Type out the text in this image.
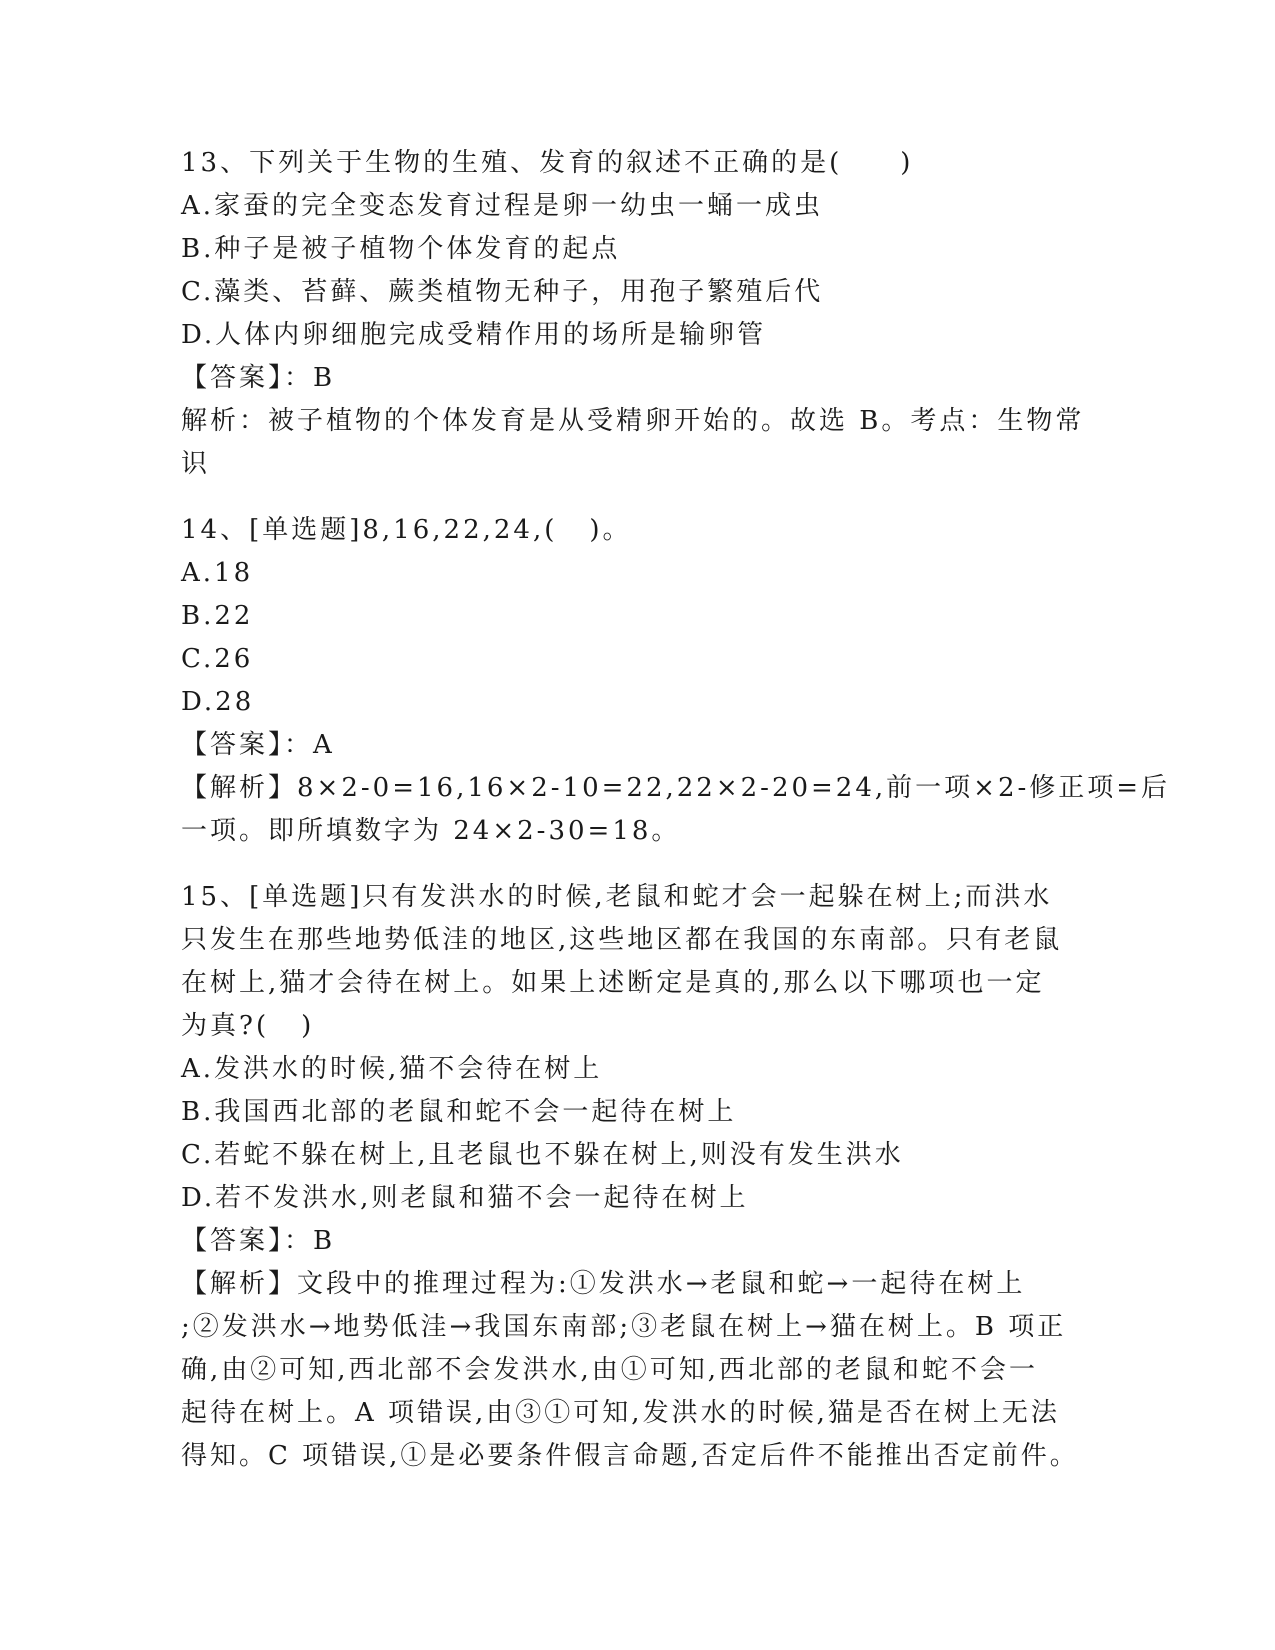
13、下列关于生物的生殖、发育的叙述不正确的是(　　)
A.家蚕的完全变态发育过程是卵一幼虫一蛹一成虫
B.种子是被子植物个体发育的起点
C.藻类、苔藓、蕨类植物无种子，用孢子繁殖后代
D.人体内卵细胞完成受精作用的场所是输卵管
【答案】：B
解析：被子植物的个体发育是从受精卵开始的。故选 B。考点：生物常
识
14、[单选题]8,16,22,24,(  )。
A.18
B.22
C.26
D.28
【答案】：A
【解析】8×2-0=16,16×2-10=22,22×2-20=24,前一项×2-修正项=后
一项。即所填数字为 24×2-30=18。
15、[单选题]只有发洪水的时候,老鼠和蛇才会一起躲在树上;而洪水
只发生在那些地势低洼的地区,这些地区都在我国的东南部。只有老鼠
在树上,猫才会待在树上。如果上述断定是真的,那么以下哪项也一定
为真?(  )
A.发洪水的时候,猫不会待在树上
B.我国西北部的老鼠和蛇不会一起待在树上
C.若蛇不躲在树上,且老鼠也不躲在树上,则没有发生洪水
D.若不发洪水,则老鼠和猫不会一起待在树上
【答案】：B
【解析】文段中的推理过程为:①发洪水→老鼠和蛇→一起待在树上
;②发洪水→地势低洼→我国东南部;③老鼠在树上→猫在树上。B 项正
确,由②可知,西北部不会发洪水,由①可知,西北部的老鼠和蛇不会一
起待在树上。A 项错误,由③①可知,发洪水的时候,猫是否在树上无法
得知。C 项错误,①是必要条件假言命题,否定后件不能推出否定前件。
